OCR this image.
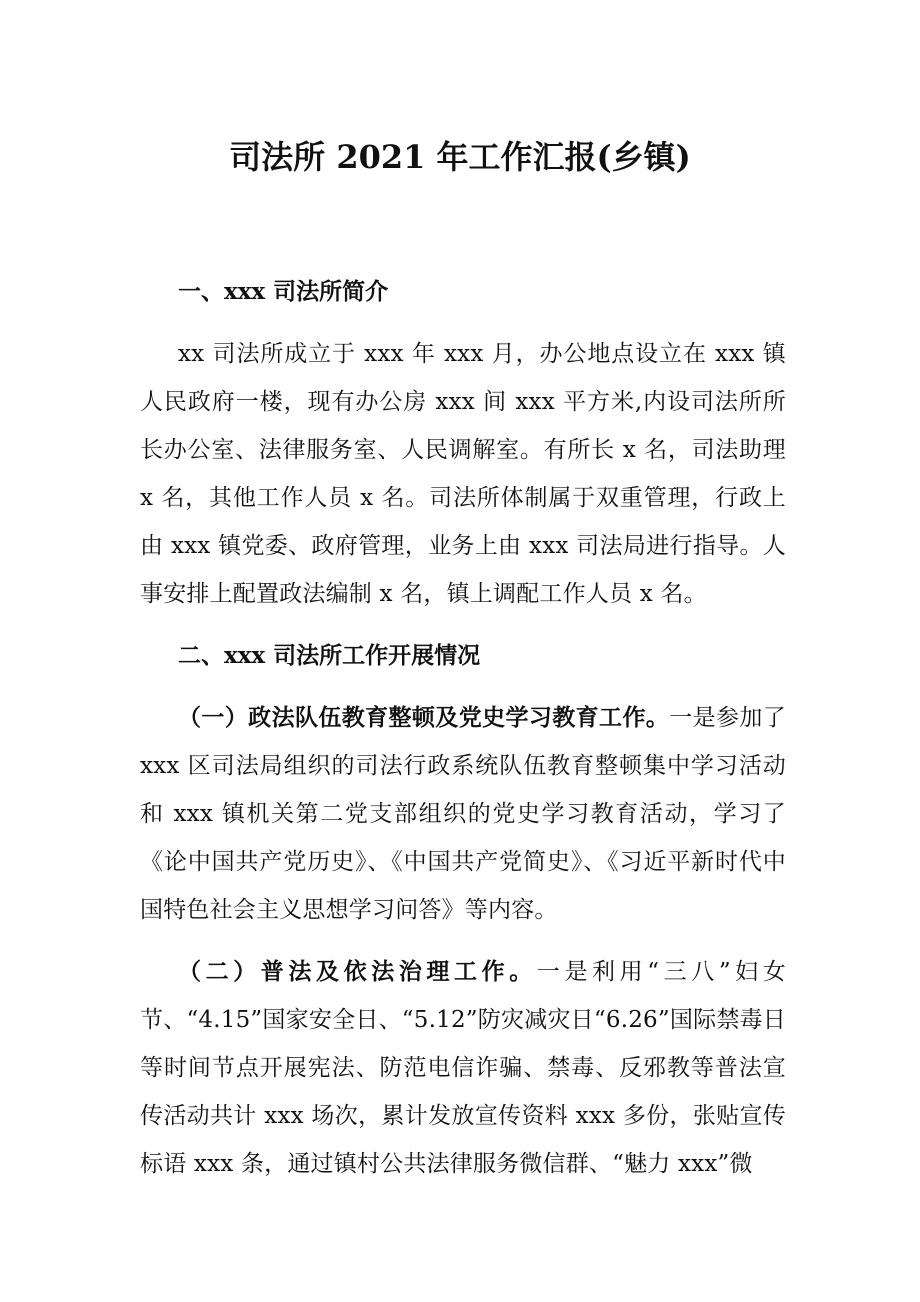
司法所 2021 年工作汇报(乡镇)

一、xxx 司法所简介

xx 司法所成立于 xxx 年 xxx 月，办公地点设立在 xxx 镇人民政府一楼，现有办公房 xxx 间 xxx 平方米,内设司法所所长办公室、法律服务室、人民调解室。有所长 x 名，司法助理 x 名，其他工作人员 x 名。司法所体制属于双重管理，行政上由 xxx 镇党委、政府管理，业务上由 xxx 司法局进行指导。人事安排上配置政法编制 x 名，镇上调配工作人员 x 名。

二、xxx 司法所工作开展情况

（一）政法队伍教育整顿及党史学习教育工作。一是参加了 xxx 区司法局组织的司法行政系统队伍教育整顿集中学习活动和 xxx 镇机关第二党支部组织的党史学习教育活动，学习了《论中国共产党历史》、《中国共产党简史》、《习近平新时代中国特色社会主义思想学习问答》等内容。

（二）普法及依法治理工作。一是利用“三八”妇女节、“4.15”国家安全日、“5.12”防灾减灾日“6.26”国际禁毒日等时间节点开展宪法、防范电信诈骗、禁毒、反邪教等普法宣传活动共计 xxx 场次，累计发放宣传资料 xxx 多份，张贴宣传标语 xxx 条，通过镇村公共法律服务微信群、“魅力 xxx”微
